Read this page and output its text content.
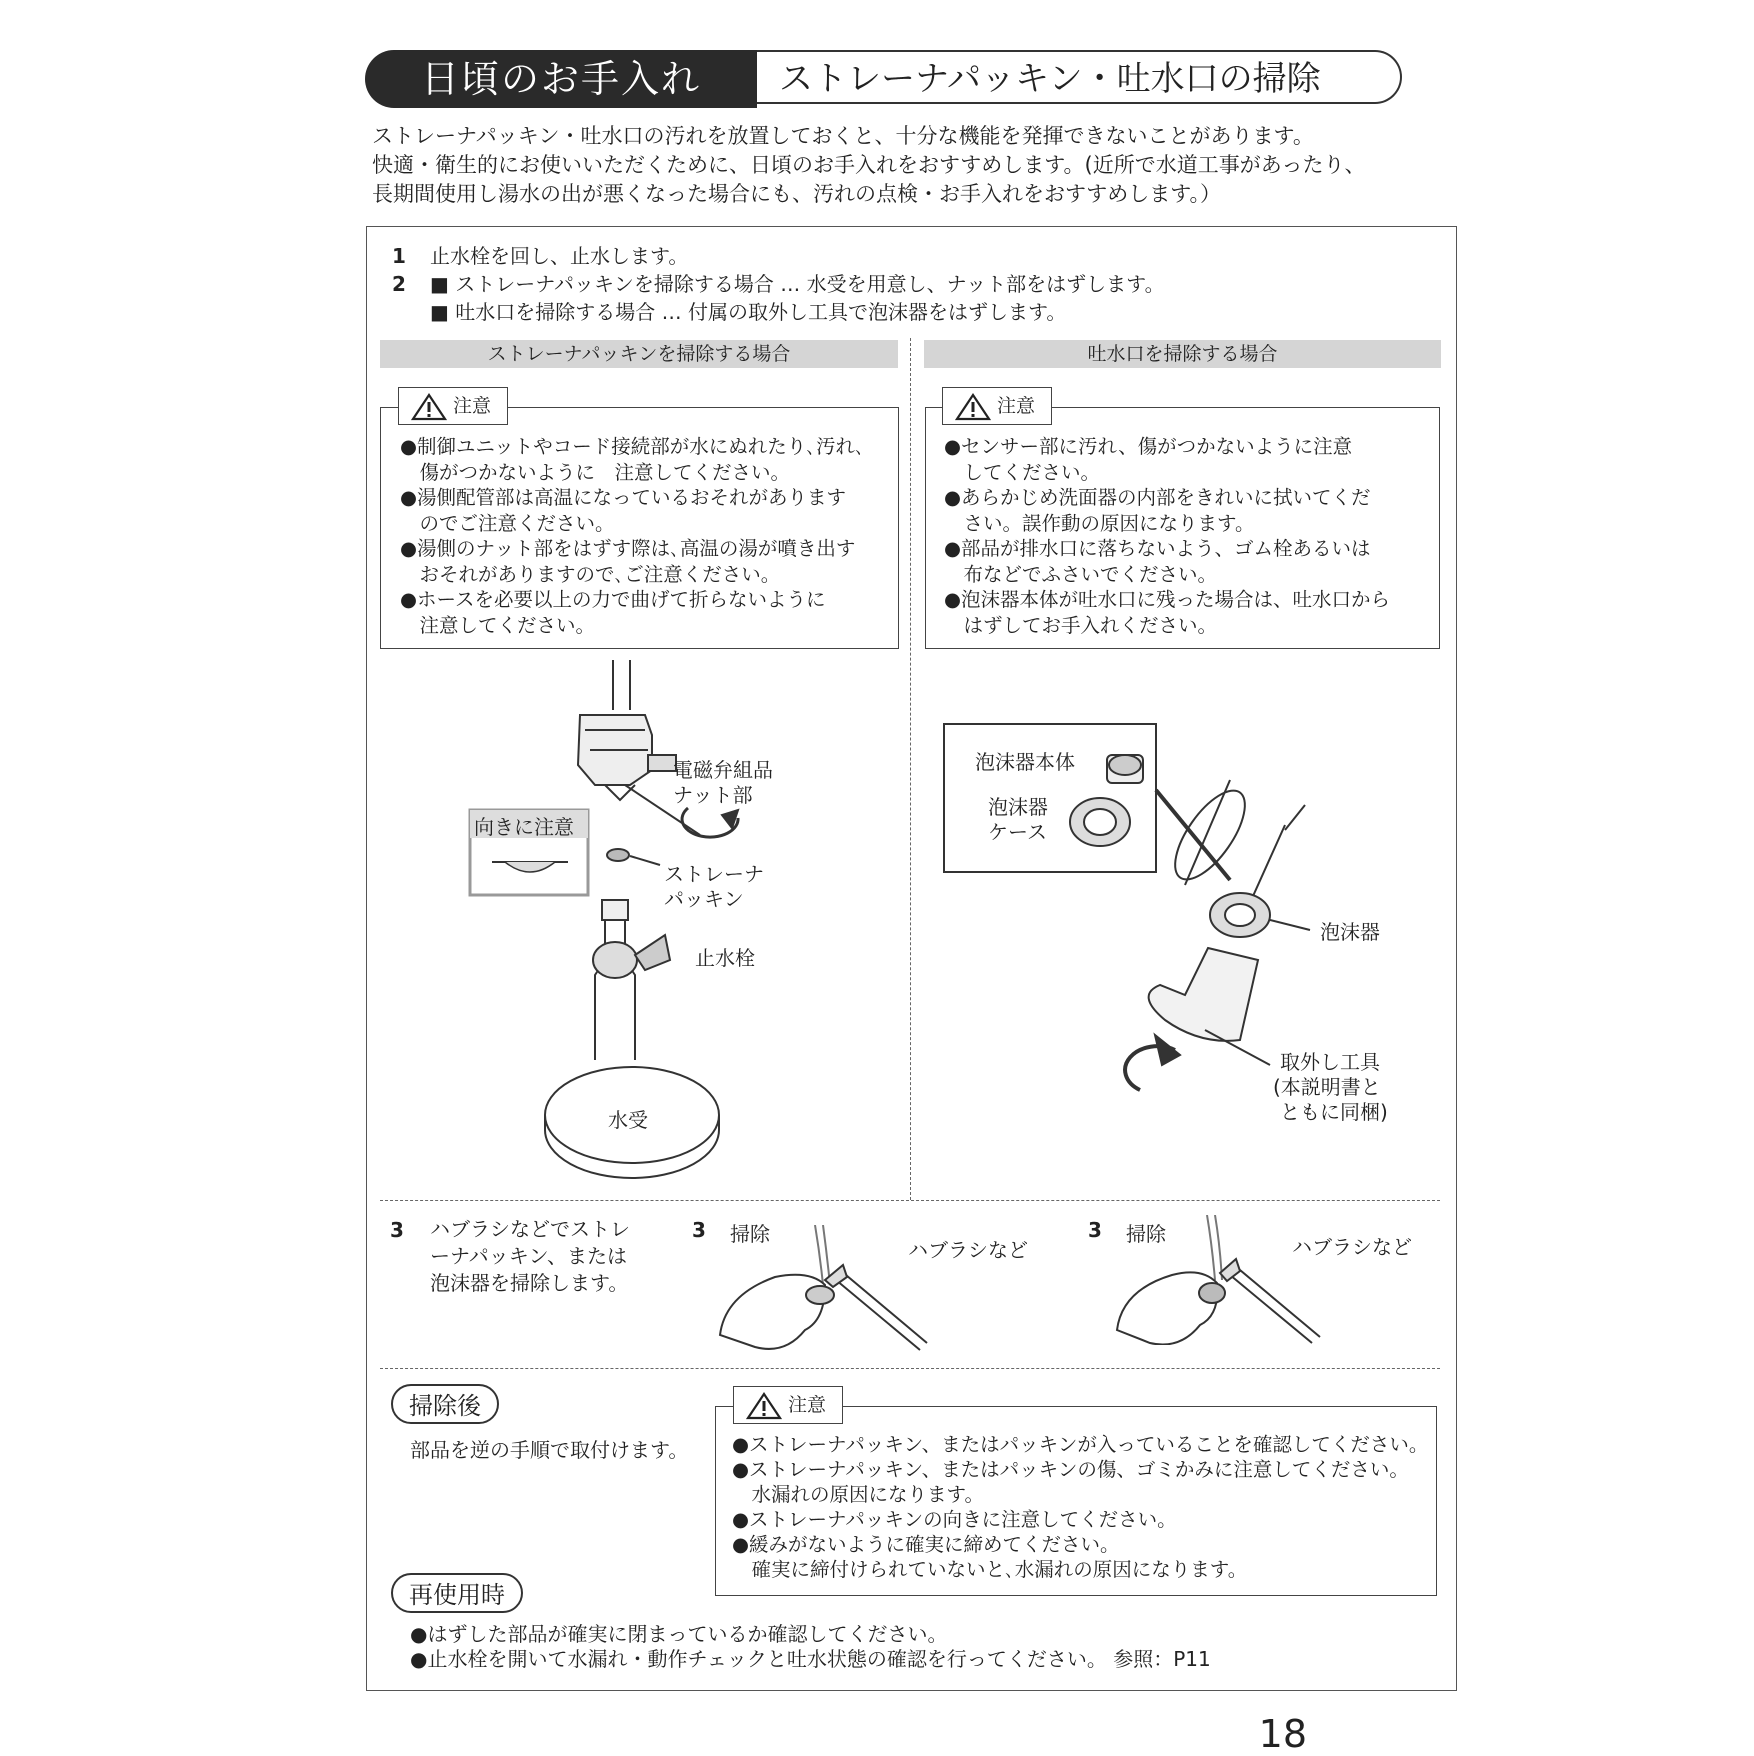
日頃のお手入れ	ストレーナパッキン・吐水口の掃除
ストレーナパッキン・吐水口の汚れを放置しておくと、十分な機能を発揮できないことがあります。
快適・衛生的にお使いいただくために、日頃のお手入れをおすすめします。(近所で水道工事があったり、
長期間使用し湯水の出が悪くなった場合にも、汚れの点検・お手入れをおすすめします。）
1 止水栓を回し、止水します。
2 ■ ストレーナパッキンを掃除する場合 … 水受を用意し、ナット部をはずします。
■ 吐水口を掃除する場合 … 付属の取外し工具で泡沫器をはずします。
ストレーナパッキンを掃除する場合	吐水口を掃除する場合
注意
●制御ユニットやコード接続部が水にぬれたり､汚れ､
　傷がつかないように　注意してください。
●湯側配管部は高温になっているおそれがあります
　のでご注意ください。
●湯側のナット部をはずす際は､高温の湯が噴き出す
　おそれがありますので､ご注意ください。
●ホースを必要以上の力で曲げて折らないように
　注意してください。
注意
●センサー部に汚れ、傷がつかないように注意
　してください。
●あらかじめ洗面器の内部をきれいに拭いてくだ
　さい。誤作動の原因になります。
●部品が排水口に落ちないよう、ゴム栓あるいは
　布などでふさいでください。
●泡沫器本体が吐水口に残った場合は、吐水口から
　はずしてお手入れください。
電磁弁組品
ナット部
向きに注意
ストレーナ
パッキン
止水栓
水受
泡沫器本体
泡沫器
ケース
泡沫器
取外し工具
(本説明書と
ともに同梱)
3 ハブラシなどでストレ
ーナパッキン、または
泡沫器を掃除します。
3 掃除
ハブラシなど
3 掃除
ハブラシなど
掃除後
部品を逆の手順で取付けます。
注意
●ストレーナパッキン、またはパッキンが入っていることを確認してください。
●ストレーナパッキン、またはパッキンの傷、ゴミかみに注意してください。
　水漏れの原因になります。
●ストレーナパッキンの向きに注意してください。
●緩みがないように確実に締めてください。
　確実に締付けられていないと､水漏れの原因になります。
再使用時
●はずした部品が確実に閉まっているか確認してください。
●止水栓を開いて水漏れ・動作チェックと吐水状態の確認を行ってください。 参照：P11
18
